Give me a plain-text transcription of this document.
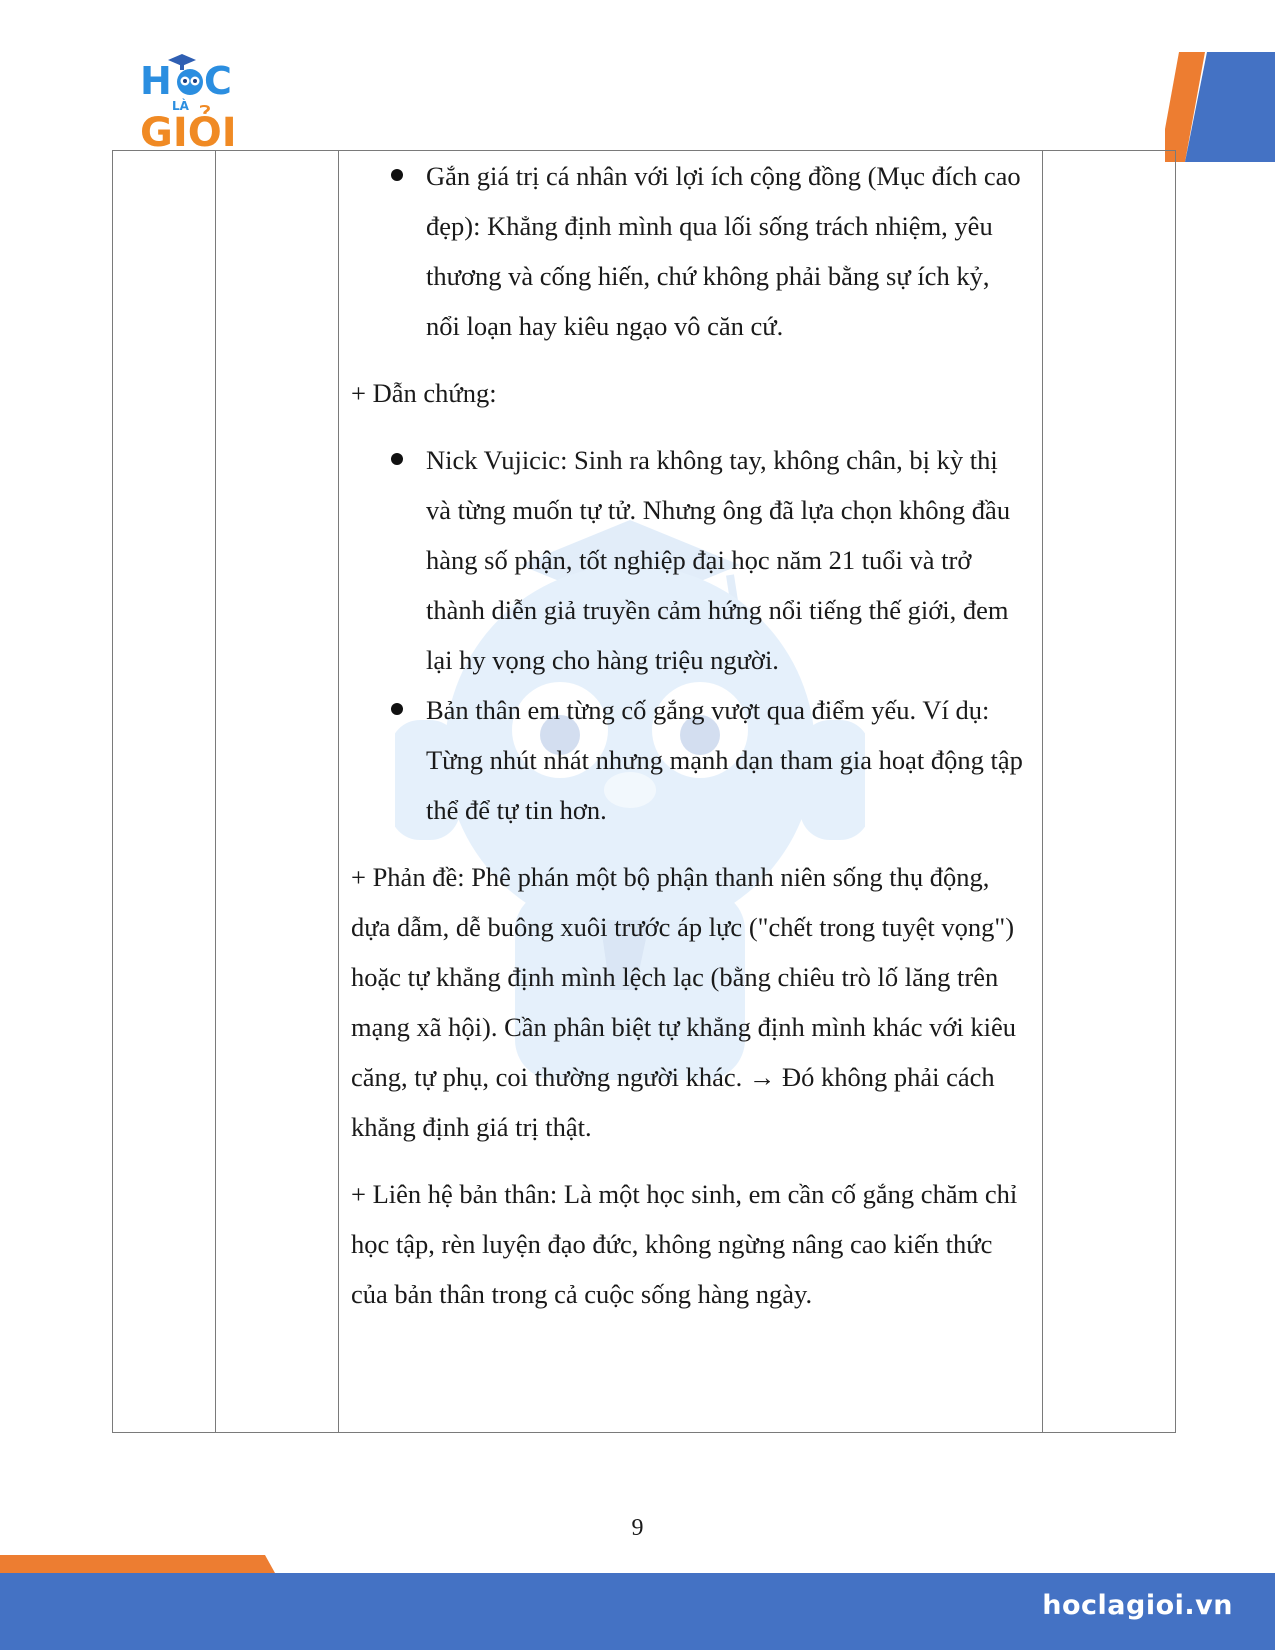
H C
LÀ
GIỎI

Gắn giá trị cá nhân với lợi ích cộng đồng (Mục đích cao đẹp): Khẳng định mình qua lối sống trách nhiệm, yêu thương và cống hiến, chứ không phải bằng sự ích kỷ, nổi loạn hay kiêu ngạo vô căn cứ.

+ Dẫn chứng:

Nick Vujicic: Sinh ra không tay, không chân, bị kỳ thị và từng muốn tự tử. Nhưng ông đã lựa chọn không đầu hàng số phận, tốt nghiệp đại học năm 21 tuổi và trở thành diễn giả truyền cảm hứng nổi tiếng thế giới, đem lại hy vọng cho hàng triệu người.
Bản thân em từng cố gắng vượt qua điểm yếu. Ví dụ: Từng nhút nhát nhưng mạnh dạn tham gia hoạt động tập thể để tự tin hơn.

+ Phản đề: Phê phán một bộ phận thanh niên sống thụ động, dựa dẫm, dễ buông xuôi trước áp lực ("chết trong tuyệt vọng") hoặc tự khẳng định mình lệch lạc (bằng chiêu trò lố lăng trên mạng xã hội). Cần phân biệt tự khẳng định mình khác với kiêu căng, tự phụ, coi thường người khác. → Đó không phải cách khẳng định giá trị thật.

+ Liên hệ bản thân: Là một học sinh, em cần cố gắng chăm chỉ học tập, rèn luyện đạo đức, không ngừng nâng cao kiến thức của bản thân trong cả cuộc sống hàng ngày.

9
hoclagioi.vn
